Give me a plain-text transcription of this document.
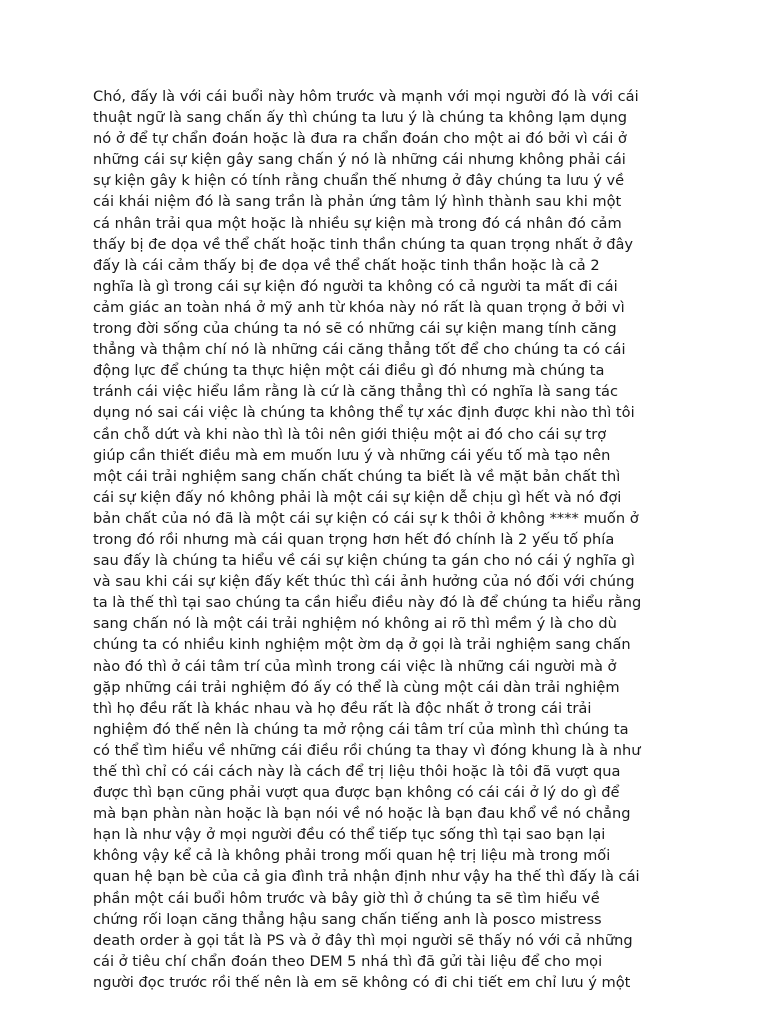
Chó, đấy là với cái buổi này hôm trước và mạnh với mọi người đó là với cái
thuật ngữ là sang chấn ấy thì chúng ta lưu ý là chúng ta không lạm dụng
nó ở để tự chẩn đoán hoặc là đưa ra chẩn đoán cho một ai đó bởi vì cái ở
những cái sự kiện gây sang chấn ý nó là những cái nhưng không phải cái
sự kiện gây k hiện có tính rằng chuẩn thế nhưng ở đây chúng ta lưu ý về
cái khái niệm đó là sang trần là phản ứng tâm lý hình thành sau khi một
cá nhân trải qua một hoặc là nhiều sự kiện mà trong đó cá nhân đó cảm
thấy bị đe dọa về thể chất hoặc tinh thần chúng ta quan trọng nhất ở đây
đấy là cái cảm thấy bị đe dọa về thể chất hoặc tinh thần hoặc là cả 2
nghĩa là gì trong cái sự kiện đó người ta không có cả người ta mất đi cái
cảm giác an toàn nhá ở mỹ anh từ khóa này nó rất là quan trọng ở bởi vì
trong đời sống của chúng ta nó sẽ có những cái sự kiện mang tính căng
thẳng và thậm chí nó là những cái căng thẳng tốt để cho chúng ta có cái
động lực để chúng ta thực hiện một cái điều gì đó nhưng mà chúng ta
tránh cái việc hiểu lầm rằng là cứ là căng thẳng thì có nghĩa là sang tác
dụng nó sai cái việc là chúng ta không thể tự xác định được khi nào thì tôi
cần chỗ dứt và khi nào thì là tôi nên giới thiệu một ai đó cho cái sự trợ
giúp cần thiết điều mà em muốn lưu ý và những cái yếu tố mà tạo nên
một cái trải nghiệm sang chấn chất chúng ta biết là về mặt bản chất thì
cái sự kiện đấy nó không phải là một cái sự kiện dễ chịu gì hết và nó đợi
bản chất của nó đã là một cái sự kiện có cái sự k thôi ở không **** muốn ở
trong đó rồi nhưng mà cái quan trọng hơn hết đó chính là 2 yếu tố phía
sau đấy là chúng ta hiểu về cái sự kiện chúng ta gán cho nó cái ý nghĩa gì
và sau khi cái sự kiện đấy kết thúc thì cái ảnh hưởng của nó đối với chúng
ta là thế thì tại sao chúng ta cần hiểu điều này đó là để chúng ta hiểu rằng
sang chấn nó là một cái trải nghiệm nó không ai rõ thì mềm ý là cho dù
chúng ta có nhiều kinh nghiệm một ờm dạ ở gọi là trải nghiệm sang chấn
nào đó thì ở cái tâm trí của mình trong cái việc là những cái người mà ở
gặp những cái trải nghiệm đó ấy có thể là cùng một cái dàn trải nghiệm
thì họ đều rất là khác nhau và họ đều rất là độc nhất ở trong cái trải
nghiệm đó thế nên là chúng ta mở rộng cái tâm trí của mình thì chúng ta
có thể tìm hiểu về những cái điều rồi chúng ta thay vì đóng khung là à như
thế thì chỉ có cái cách này là cách để trị liệu thôi hoặc là tôi đã vượt qua
được thì bạn cũng phải vượt qua được bạn không có cái cái ở lý do gì để
mà bạn phàn nàn hoặc là bạn nói về nó hoặc là bạn đau khổ về nó chẳng
hạn là như vậy ở mọi người đều có thể tiếp tục sống thì tại sao bạn lại
không vậy kể cả là không phải trong mối quan hệ trị liệu mà trong mối
quan hệ bạn bè của cả gia đình trả nhận định như vậy ha thế thì đấy là cái
phần một cái buổi hôm trước và bây giờ thì ở chúng ta sẽ tìm hiểu về
chứng rối loạn căng thẳng hậu sang chấn tiếng anh là posco mistress
death order à gọi tắt là PS và ở đây thì mọi người sẽ thấy nó với cả những
cái ở tiêu chí chẩn đoán theo DEM 5 nhá thì đã gửi tài liệu để cho mọi
người đọc trước rồi thế nên là em sẽ không có đi chi tiết em chỉ lưu ý một
